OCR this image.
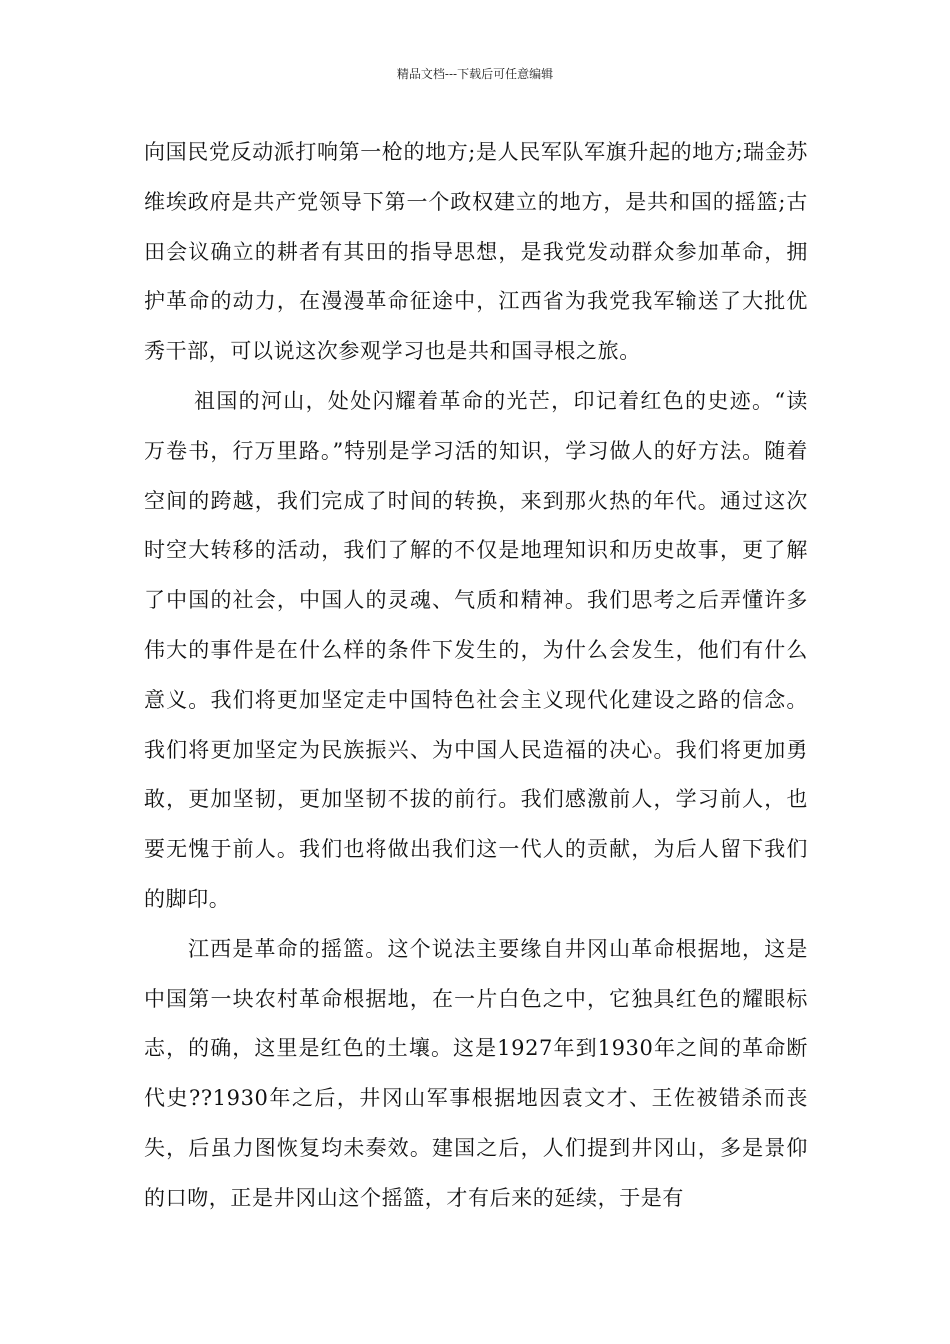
精品文档---下载后可任意编辑

向国民党反动派打响第一枪的地方;是人民军队军旗升起的地方;瑞金苏维埃政府是共产党领导下第一个政权建立的地方，是共和国的摇篮;古田会议确立的耕者有其田的指导思想，是我党发动群众参加革命，拥护革命的动力，在漫漫革命征途中，江西省为我党我军输送了大批优秀干部，可以说这次参观学习也是共和国寻根之旅。

祖国的河山，处处闪耀着革命的光芒，印记着红色的史迹。“读万卷书，行万里路。”特别是学习活的知识，学习做人的好方法。随着空间的跨越，我们完成了时间的转换，来到那火热的年代。通过这次时空大转移的活动，我们了解的不仅是地理知识和历史故事，更了解了中国的社会，中国人的灵魂、气质和精神。我们思考之后弄懂许多伟大的事件是在什么样的条件下发生的，为什么会发生，他们有什么意义。我们将更加坚定走中国特色社会主义现代化建设之路的信念。我们将更加坚定为民族振兴、为中国人民造福的决心。我们将更加勇敢，更加坚韧，更加坚韧不拔的前行。我们感激前人，学习前人，也要无愧于前人。我们也将做出我们这一代人的贡献，为后人留下我们的脚印。

江西是革命的摇篮。这个说法主要缘自井冈山革命根据地，这是中国第一块农村革命根据地，在一片白色之中，它独具红色的耀眼标志，的确，这里是红色的土壤。这是1927年到1930年之间的革命断代史??1930年之后，井冈山军事根据地因袁文才、王佐被错杀而丧失，后虽力图恢复均未奏效。建国之后，人们提到井冈山，多是景仰的口吻，正是井冈山这个摇篮，才有后来的延续，于是有
